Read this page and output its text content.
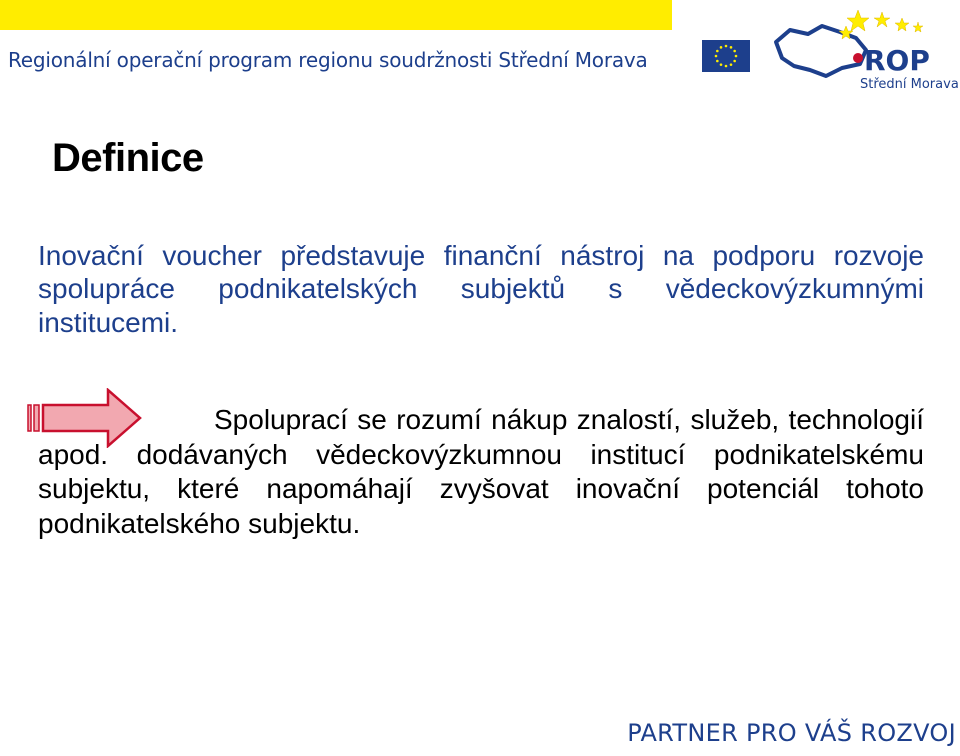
Regionální operační program regionu soudržnosti Střední Morava	ROP
Střední Morava
Definice
Inovační voucher představuje finanční nástroj na podporu rozvoje spolupráce podnikatelských subjektů s vědeckovýzkumnými institucemi.
Spoluprací se rozumí nákup znalostí, služeb, technologií apod. dodávaných vědeckovýzkumnou institucí podnikatelskému subjektu, které napomáhají zvyšovat inovační potenciál tohoto podnikatelského subjektu.
PARTNER PRO VÁŠ ROZVOJ
